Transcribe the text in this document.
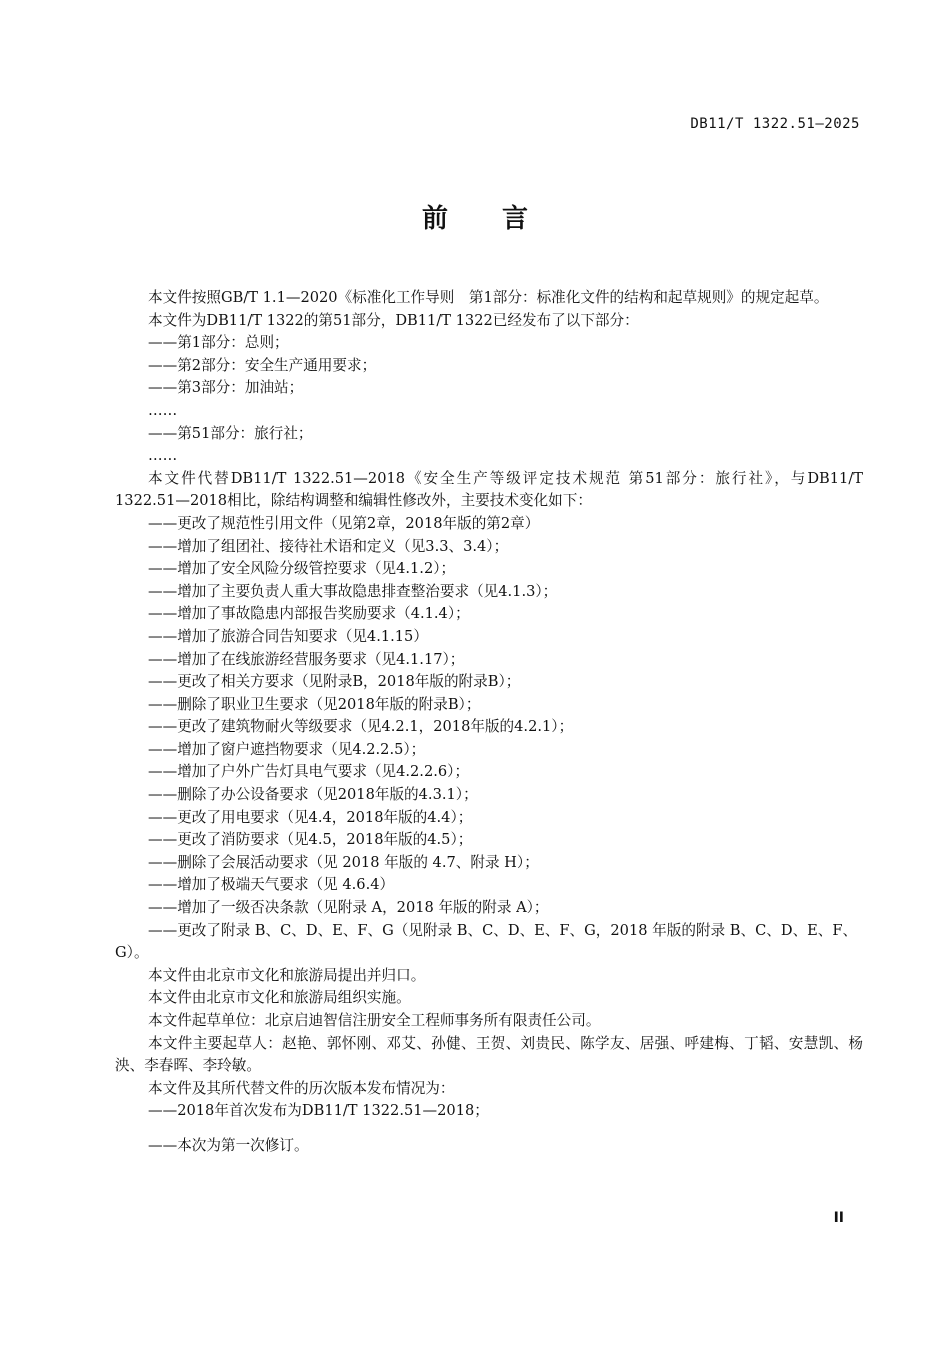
DB11/T 1322.51—2025
前言

本文件按照GB/T 1.1—2020《标准化工作导则　第1部分：标准化文件的结构和起草规则》的规定起草。

本文件为DB11/T 1322的第51部分，DB11/T 1322已经发布了以下部分：

——第1部分：总则；

——第2部分：安全生产通用要求；

——第3部分：加油站；

……

——第51部分：旅行社；

……

本文件代替DB11/T 1322.51—2018《安全生产等级评定技术规范 第51部分：旅行社》，与DB11/T 1322.51—2018相比，除结构调整和编辑性修改外，主要技术变化如下：

——更改了规范性引用文件（见第2章，2018年版的第2章）

——增加了组团社、接待社术语和定义（见3.3、3.4）；

——增加了安全风险分级管控要求（见4.1.2）；

——增加了主要负责人重大事故隐患排查整治要求（见4.1.3）；

——增加了事故隐患内部报告奖励要求（4.1.4）；

——增加了旅游合同告知要求（见4.1.15）

——增加了在线旅游经营服务要求（见4.1.17）；

——更改了相关方要求（见附录B，2018年版的附录B）；

——删除了职业卫生要求（见2018年版的附录B）；

——更改了建筑物耐火等级要求（见4.2.1，2018年版的4.2.1）；

——增加了窗户遮挡物要求（见4.2.2.5）；

——增加了户外广告灯具电气要求（见4.2.2.6）；

——删除了办公设备要求（见2018年版的4.3.1）；

——更改了用电要求（见4.4，2018年版的4.4）；

——更改了消防要求（见4.5，2018年版的4.5）；

——删除了会展活动要求（见 2018 年版的 4.7、附录 H）；

——增加了极端天气要求（见 4.6.4）

——增加了一级否决条款（见附录 A，2018 年版的附录 A）；

——更改了附录 B、C、D、E、F、G（见附录 B、C、D、E、F、G，2018 年版的附录 B、C、D、E、F、G）。

本文件由北京市文化和旅游局提出并归口。

本文件由北京市文化和旅游局组织实施。

本文件起草单位：北京启迪智信注册安全工程师事务所有限责任公司。

本文件主要起草人：赵艳、郭怀刚、邓艾、孙健、王贺、刘贵民、陈学友、居强、呼建梅、丁韬、安慧凯、杨泱、李春晖、李玲敏。

本文件及其所代替文件的历次版本发布情况为：

——2018年首次发布为DB11/T 1322.51—2018；

——本次为第一次修订。

II
